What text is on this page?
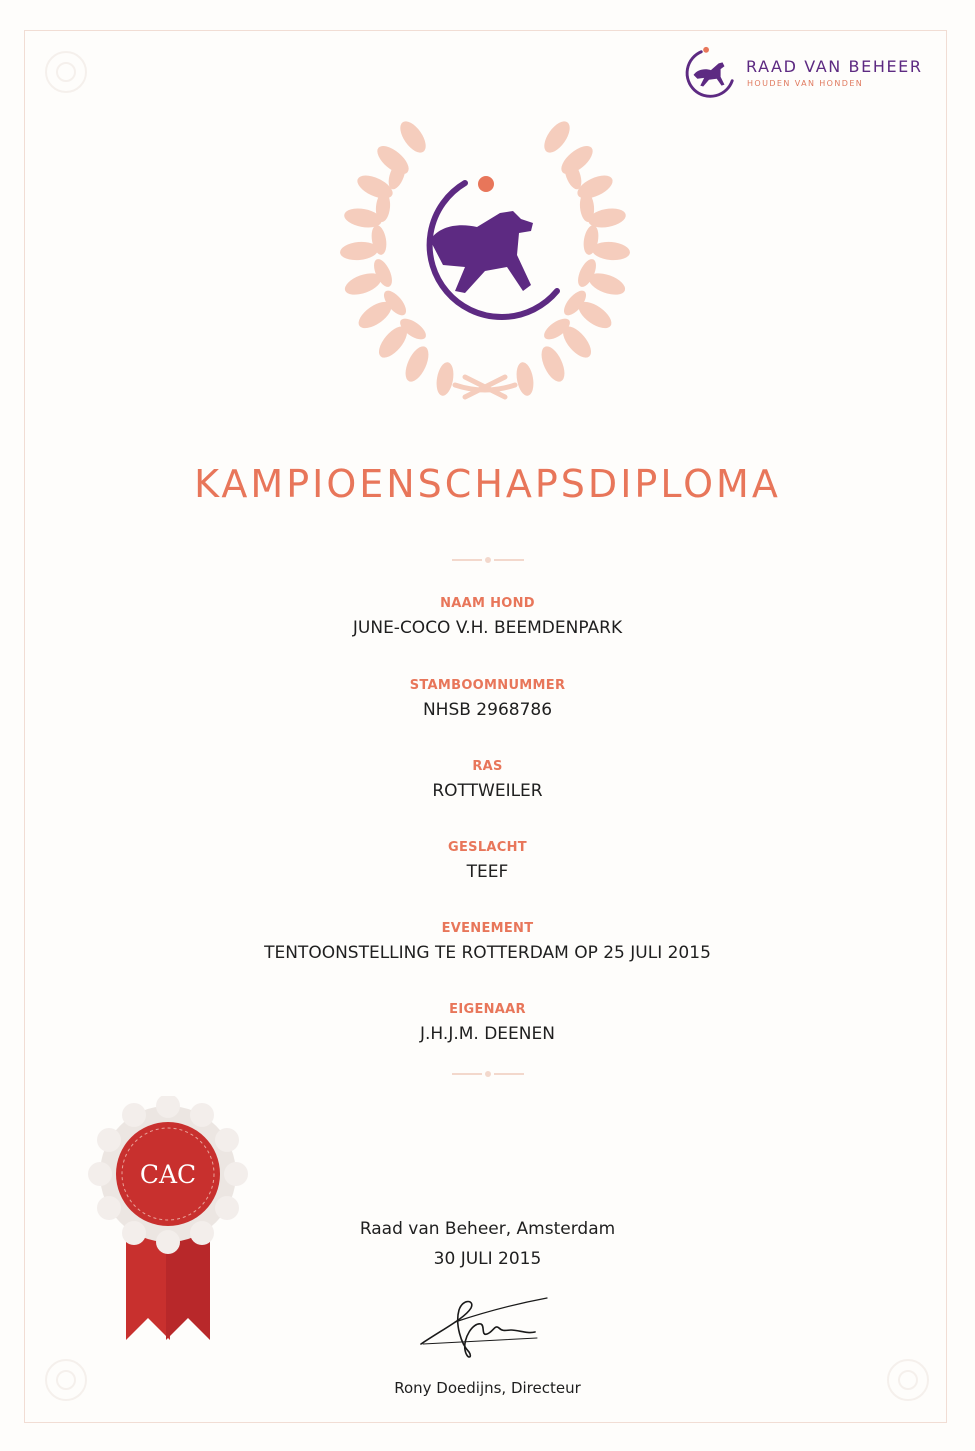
RAAD VAN BEHEER
HOUDEN VAN HONDEN
KAMPIOENSCHAPSDIPLOMA
NAAM HOND
JUNE-COCO V.H. BEEMDENPARK
STAMBOOMNUMMER
NHSB 2968786
RAS
ROTTWEILER
GESLACHT
TEEF
EVENEMENT
TENTOONSTELLING TE ROTTERDAM OP 25 JULI 2015
EIGENAAR
J.H.J.M. DEENEN
CAC
Raad van Beheer, Amsterdam
30 JULI 2015
Rony Doedijns, Directeur
